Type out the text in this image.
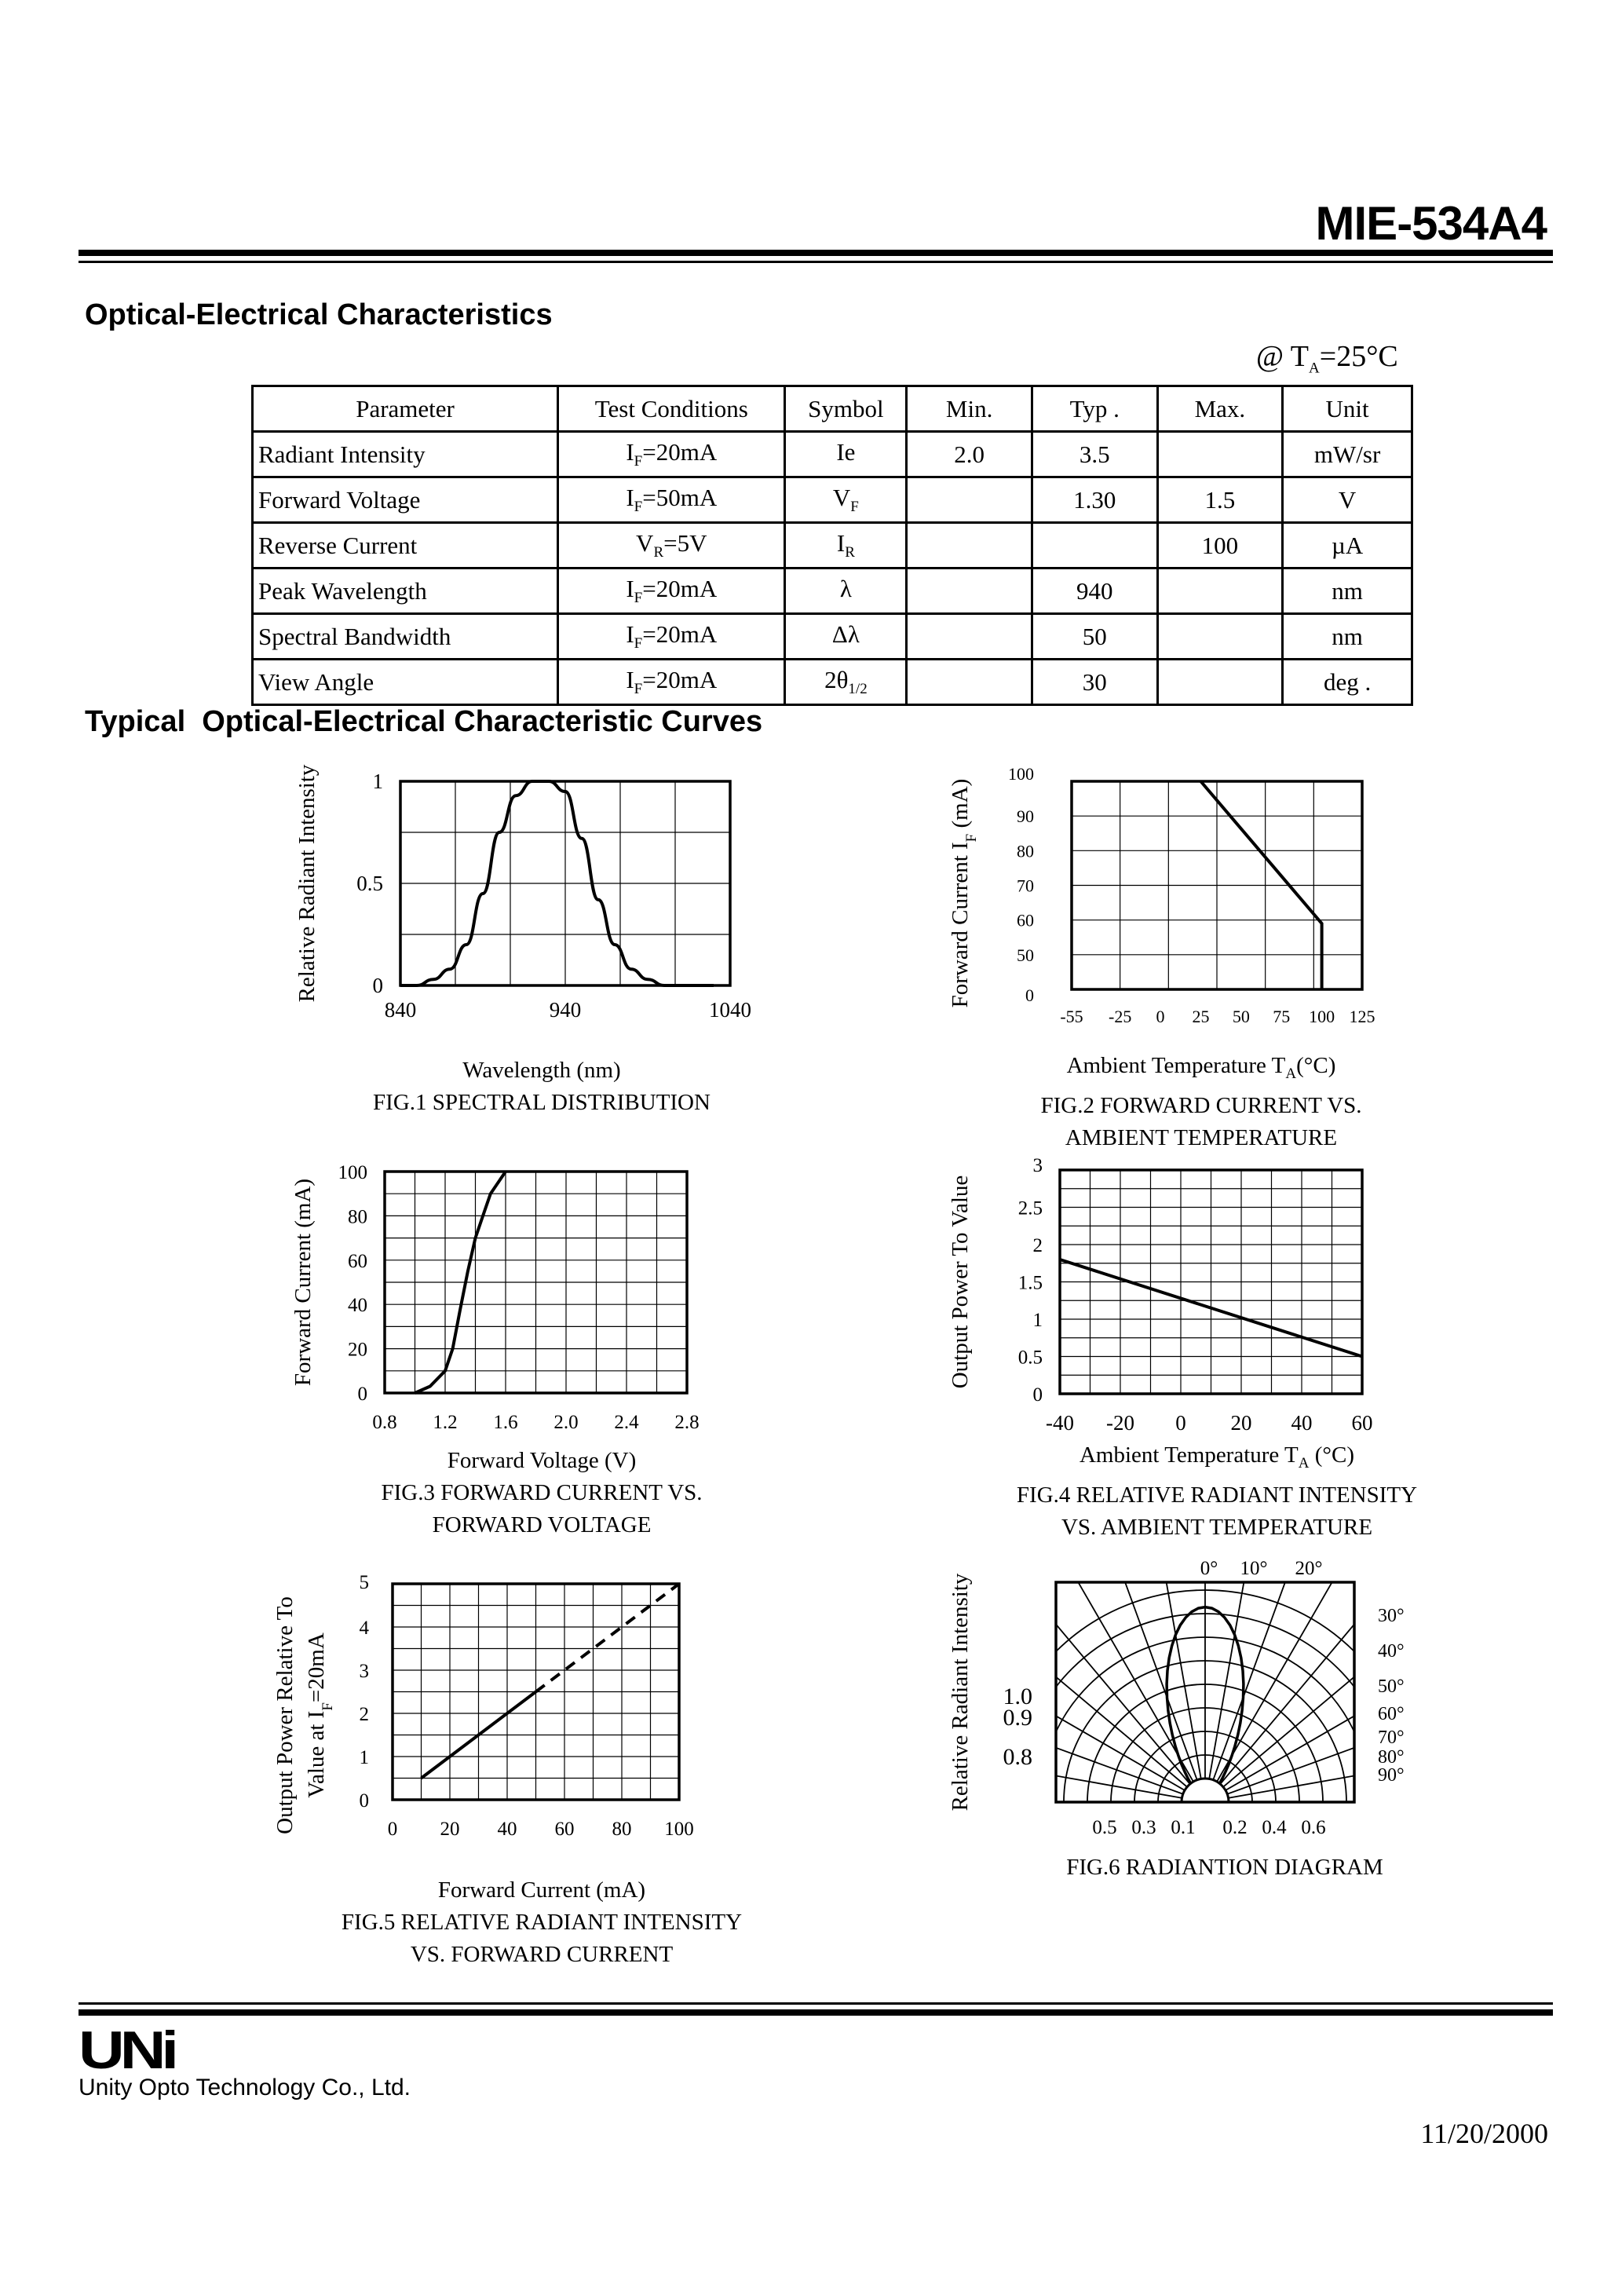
MIE-534A4
Optical-Electrical Characteristics
@ $T_A=25^\circ C$
Parameter	Test Conditions	Symbol	Min.	Typ .	Max.	Unit
Radiant Intensity	$I_F=20mA$	Ie	2.0	3.5		mW/sr
Forward Voltage	$I_F=50mA$	$V_F$		1.30	1.5	V
Reverse Current	$V_R=5V$	$I_R$			100	µA
Peak Wavelength	$I_F=20mA$	λ		940		nm
Spectral Bandwidth	$I_F=20mA$	Δλ		50		nm
View Angle	$I_F=20mA$	$2\theta_{1/2}$		30		deg .
Typical  Optical-Electrical Characteristic Curves
840	940	1040
0
0.5
1
Relative Radiant Intensity
Wavelength (nm)
FIG.1 SPECTRAL DISTRIBUTION
-55 -25 0 25 50 75 100 125
0
50
60
70
80
90
100
Forward Current $I_F$ (mA)
Ambient Temperature $T_A(^\circ C)$
FIG.2 FORWARD CURRENT VS.
AMBIENT TEMPERATURE
0.8 1.2 1.6 2.0 2.4 2.8
0
20
40
60
80
100
Forward Current (mA)
Forward Voltage (V)
FIG.3 FORWARD CURRENT VS.
FORWARD VOLTAGE
-40 -20 0 20 40 60
0
0.5
1
1.5
2
2.5
3
Output Power To Value
Ambient Temperature $T_A$ (°C)
FIG.4 RELATIVE RADIANT INTENSITY
VS. AMBIENT TEMPERATURE
0 20 40 60 80 100
0
1
2
3
4
5
Output Power Relative To Value at $I_F=20mA$
Forward Current (mA)
FIG.5 RELATIVE RADIANT INTENSITY
VS. FORWARD CURRENT
0° 10° 20°
30°
40°
50°
60°
70°
80°
90°
1.0
0.9
0.8
0.5 0.3 0.1 0.2 0.4 0.6
Relative Radiant Intensity
FIG.6 RADIANTION DIAGRAM
UNi
Unity Opto Technology Co., Ltd.
11/20/2000
